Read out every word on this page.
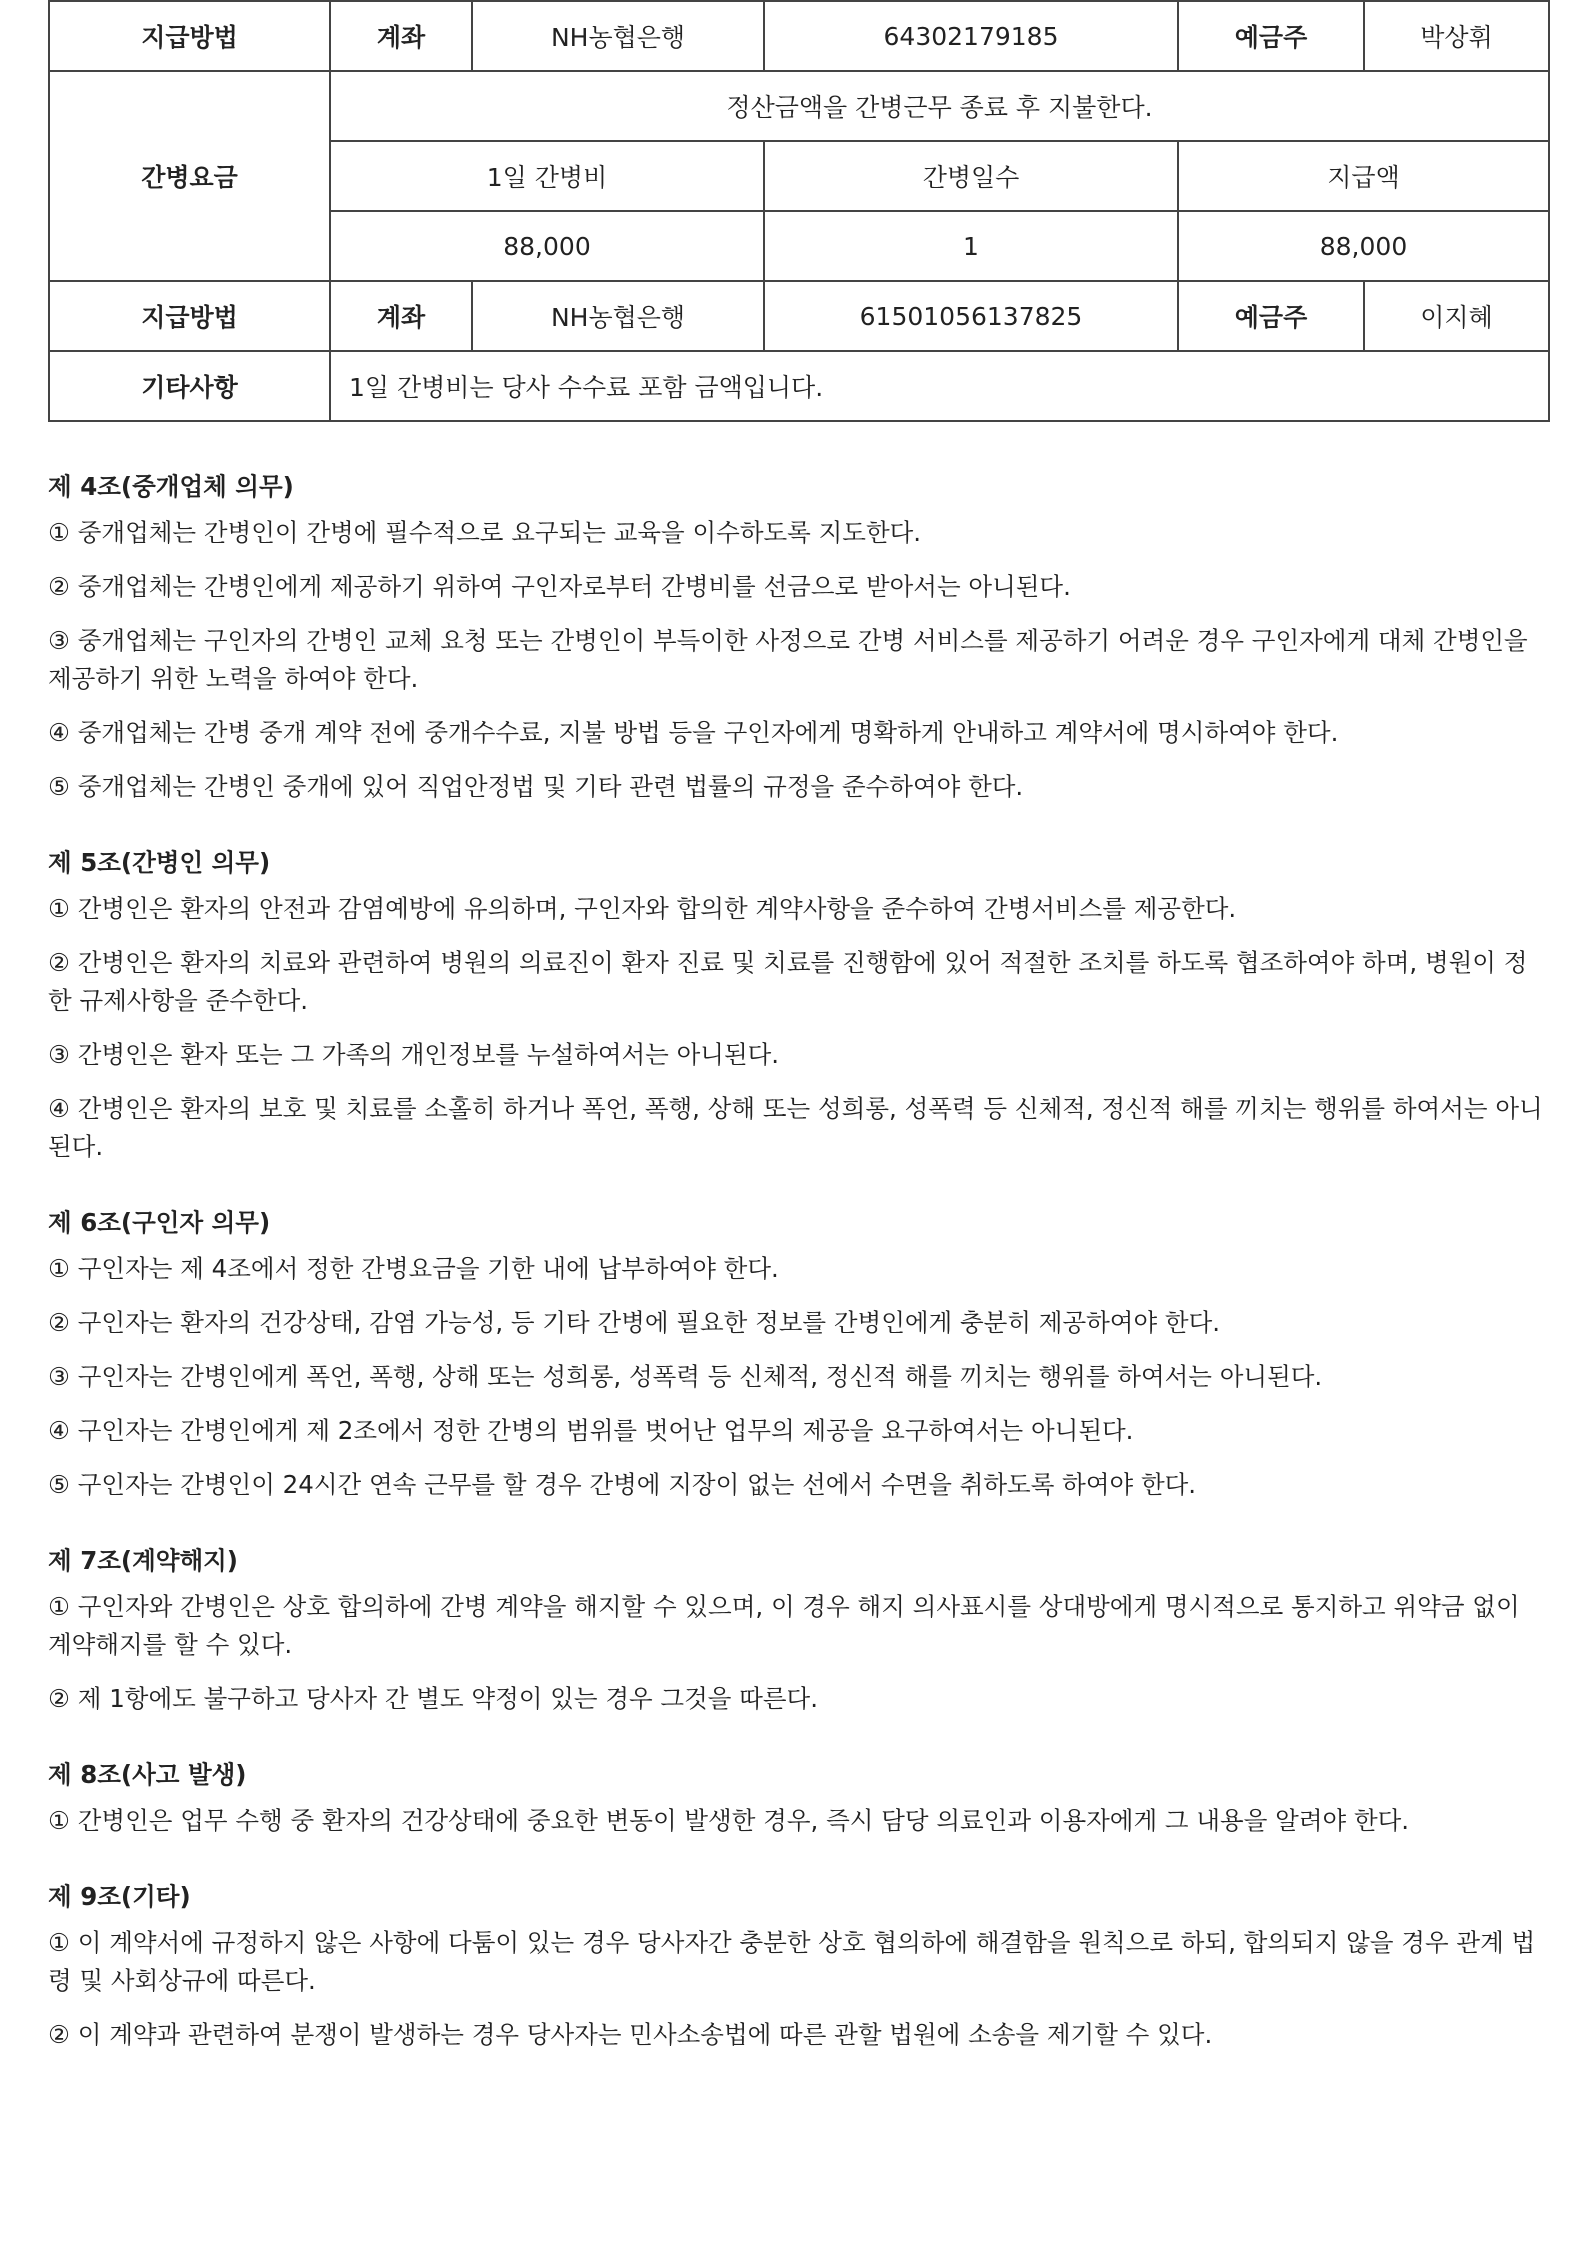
지급방법	계좌	NH농협은행	64302179185	예금주	박상휘
간병요금	정산금액을 간병근무 종료 후 지불한다.				
	1일 간병비		간병일수	지급액	
	88,000		1	88,000	
지급방법	계좌	NH농협은행	61501056137825	예금주	이지혜
기타사항	1일 간병비는 당사 수수료 포함 금액입니다.				
제 4조(중개업체 의무)
① 중개업체는 간병인이 간병에 필수적으로 요구되는 교육을 이수하도록 지도한다.
② 중개업체는 간병인에게 제공하기 위하여 구인자로부터 간병비를 선금으로 받아서는 아니된다.
③ 중개업체는 구인자의 간병인 교체 요청 또는 간병인이 부득이한 사정으로 간병 서비스를 제공하기 어려운 경우 구인자에게 대체 간병인을 제공하기 위한 노력을 하여야 한다.
④ 중개업체는 간병 중개 계약 전에 중개수수료, 지불 방법 등을 구인자에게 명확하게 안내하고 계약서에 명시하여야 한다.
⑤ 중개업체는 간병인 중개에 있어 직업안정법 및 기타 관련 법률의 규정을 준수하여야 한다.
제 5조(간병인 의무)
① 간병인은 환자의 안전과 감염예방에 유의하며, 구인자와 합의한 계약사항을 준수하여 간병서비스를 제공한다.
② 간병인은 환자의 치료와 관련하여 병원의 의료진이 환자 진료 및 치료를 진행함에 있어 적절한 조치를 하도록 협조하여야 하며, 병원이 정한 규제사항을 준수한다.
③ 간병인은 환자 또는 그 가족의 개인정보를 누설하여서는 아니된다.
④ 간병인은 환자의 보호 및 치료를 소홀히 하거나 폭언, 폭행, 상해 또는 성희롱, 성폭력 등 신체적, 정신적 해를 끼치는 행위를 하여서는 아니된다.
제 6조(구인자 의무)
① 구인자는 제 4조에서 정한 간병요금을 기한 내에 납부하여야 한다.
② 구인자는 환자의 건강상태, 감염 가능성, 등 기타 간병에 필요한 정보를 간병인에게 충분히 제공하여야 한다.
③ 구인자는 간병인에게 폭언, 폭행, 상해 또는 성희롱, 성폭력 등 신체적, 정신적 해를 끼치는 행위를 하여서는 아니된다.
④ 구인자는 간병인에게 제 2조에서 정한 간병의 범위를 벗어난 업무의 제공을 요구하여서는 아니된다.
⑤ 구인자는 간병인이 24시간 연속 근무를 할 경우 간병에 지장이 없는 선에서 수면을 취하도록 하여야 한다.
제 7조(계약해지)
① 구인자와 간병인은 상호 합의하에 간병 계약을 해지할 수 있으며, 이 경우 해지 의사표시를 상대방에게 명시적으로 통지하고 위약금 없이 계약해지를 할 수 있다.
② 제 1항에도 불구하고 당사자 간 별도 약정이 있는 경우 그것을 따른다.
제 8조(사고 발생)
① 간병인은 업무 수행 중 환자의 건강상태에 중요한 변동이 발생한 경우, 즉시 담당 의료인과 이용자에게 그 내용을 알려야 한다.
제 9조(기타)
① 이 계약서에 규정하지 않은 사항에 다툼이 있는 경우 당사자간 충분한 상호 협의하에 해결함을 원칙으로 하되, 합의되지 않을 경우 관계 법령 및 사회상규에 따른다.
② 이 계약과 관련하여 분쟁이 발생하는 경우 당사자는 민사소송법에 따른 관할 법원에 소송을 제기할 수 있다.
